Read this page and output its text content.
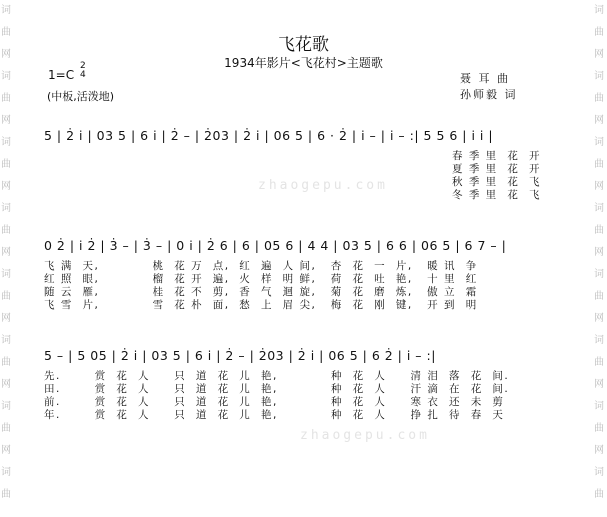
词
曲
网
词
曲
网
词
曲
网
词
曲
网
词
曲
网
词
曲
网
词
曲
网
词
曲
词
曲
网
词
曲
网
词
曲
网
词
曲
网
词
曲
网
词
曲
网
词
曲
网
词
曲
飞花歌
1934年影片<飞花村>主题歌
1=C
2
4
(中板,活泼地)
聂 耳 曲
孙师毅 词
zhaogepu.com
zhaogepu.com
5 | 2̇ i | 03 5 | 6 i | 2̇ – | 2̇03 | 2̇ i | 06 5 | 6 · 2̇ | i – | i – :| 5 5 6 | i i |
春 季 里  花  开
夏 季 里  花  开
秋 季 里  花  飞
冬 季 里  花  飞
0 2̇ | i 2̇ | 3̇ – | 3̇ – | 0 i | 2̇ 6 | 6 | 05 6 | 4 4 | 03 5 | 6 6 | 06 5 | 6 7 – |
飞 满  天,           桃  花 万  点,  红  遍  人 间,   杏  花  一  片,   暖 讯  争
红 照  眼,           榴  花 开  遍,  火  样  明 鲜,   荷  花  吐  艳,   十 里  红
随 云  雁,           桂  花 不  剪,  香  气  迴 旋,   菊  花  磨  炼,   傲 立  霜
飞 雪  片,           雪  花 朴  面,  愁  上  眉 尖,   梅  花  刚  键,   开 到  明
5 – | 5 05 | 2̇ i | 03 5 | 6 i | 2̇ – | 2̇03 | 2̇ i | 06 5 | 6 2̇ | i – :|
先.       赏  花  人     只  道  花  儿  艳,           种  花  人     清 泪  落  花  间.
田.       赏  花  人     只  道  花  儿  艳,           种  花  人     汗 滴  在  花  间.
前.       赏  花  人     只  道  花  儿  艳,           种  花  人     寒 衣  还  未  剪
年.       赏  花  人     只  道  花  儿  艳,           种  花  人     挣 扎  待  春  天
